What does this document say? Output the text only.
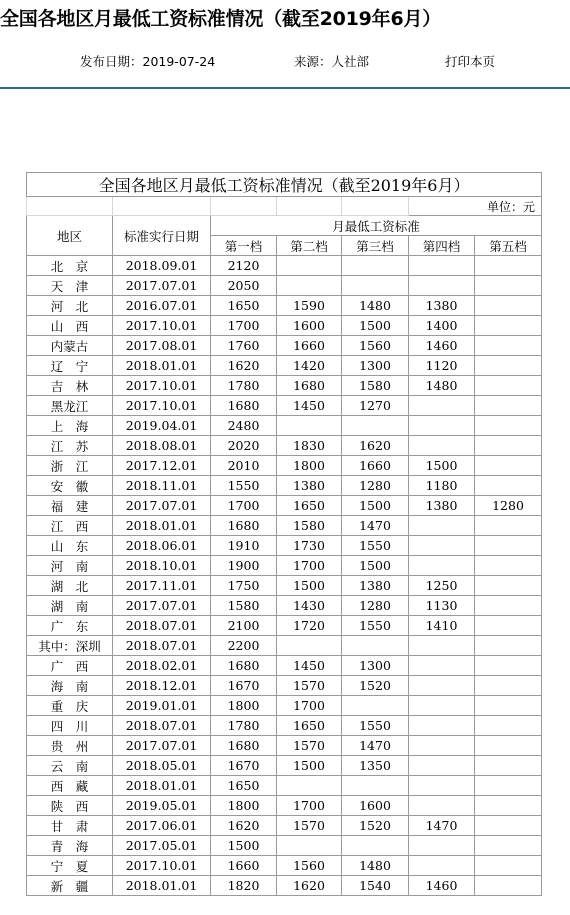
全国各地区月最低工资标准情况（截至2019年6月）
发布日期：2019-07-24	来源：人社部	打印本页
全国各地区月最低工资标准情况（截至2019年6月）						
					单位：元	
地区	标准实行日期	月最低工资标准				
		第一档	第二档	第三档	第四档	第五档
北　京	2018.09.01	2120				
天　津	2017.07.01	2050				
河　北	2016.07.01	1650	1590	1480	1380	
山　西	2017.10.01	1700	1600	1500	1400	
内蒙古	2017.08.01	1760	1660	1560	1460	
辽　宁	2018.01.01	1620	1420	1300	1120	
吉　林	2017.10.01	1780	1680	1580	1480	
黑龙江	2017.10.01	1680	1450	1270		
上　海	2019.04.01	2480				
江　苏	2018.08.01	2020	1830	1620		
浙　江	2017.12.01	2010	1800	1660	1500	
安　徽	2018.11.01	1550	1380	1280	1180	
福　建	2017.07.01	1700	1650	1500	1380	1280
江　西	2018.01.01	1680	1580	1470		
山　东	2018.06.01	1910	1730	1550		
河　南	2018.10.01	1900	1700	1500		
湖　北	2017.11.01	1750	1500	1380	1250	
湖　南	2017.07.01	1580	1430	1280	1130	
广　东	2018.07.01	2100	1720	1550	1410	
其中：深圳	2018.07.01	2200				
广　西	2018.02.01	1680	1450	1300		
海　南	2018.12.01	1670	1570	1520		
重　庆	2019.01.01	1800	1700			
四　川	2018.07.01	1780	1650	1550		
贵　州	2017.07.01	1680	1570	1470		
云　南	2018.05.01	1670	1500	1350		
西　藏	2018.01.01	1650				
陕　西	2019.05.01	1800	1700	1600		
甘　肃	2017.06.01	1620	1570	1520	1470	
青　海	2017.05.01	1500				
宁　夏	2017.10.01	1660	1560	1480		
新　疆	2018.01.01	1820	1620	1540	1460	
